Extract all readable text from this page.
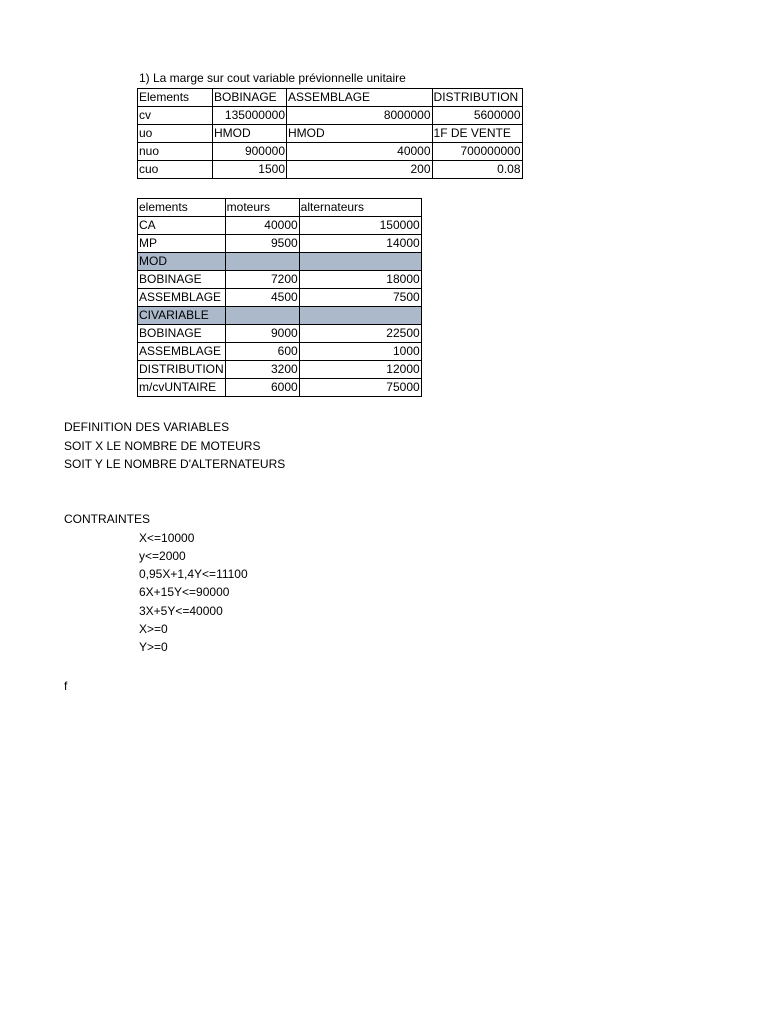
1) La marge sur cout variable prévionnelle unitaire
Elements	BOBINAGE	ASSEMBLAGE		DISTRIBUTION
cv	135000000		8000000	5600000
uo	HMOD	HMOD		1F DE VENTE
nuo	900000		40000	700000000
cuo	1500		200	0.08
elements	moteurs	alternateurs
CA	40000	150000
MP	9500	14000
MOD		
BOBINAGE	7200	18000
ASSEMBLAGE	4500	7500
CIVARIABLE		
BOBINAGE	9000	22500
ASSEMBLAGE	600	1000
DISTRIBUTION	3200	12000
m/cvUNTAIRE	6000	75000
DEFINITION DES VARIABLES
SOIT X LE NOMBRE DE MOTEURS
SOIT Y LE NOMBRE D'ALTERNATEURS
CONTRAINTES
X<=10000
y<=2000
0,95X+1,4Y<=11100
6X+15Y<=90000
3X+5Y<=40000
X>=0
Y>=0
f
